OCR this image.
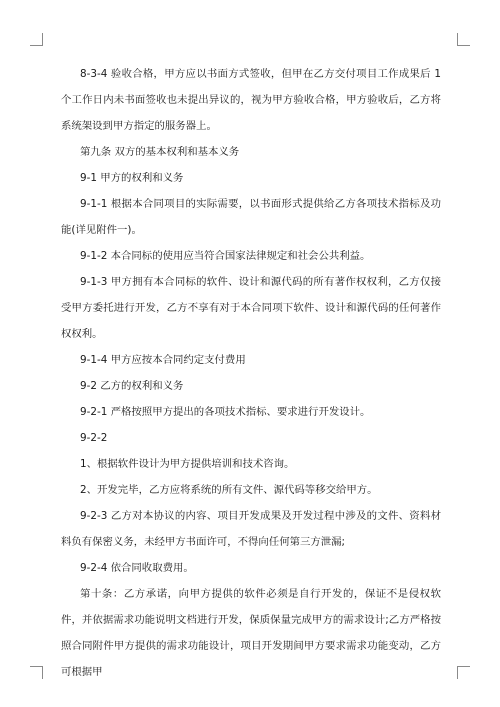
8-3-4 验收合格，甲方应以书面方式签收，但甲在乙方交付项目工作成果后 1 个工作日内未书面签收也未提出异议的，视为甲方验收合格，甲方验收后，乙方将系统架设到甲方指定的服务器上。

第九条 双方的基本权利和基本义务

9-1 甲方的权利和义务

9-1-1 根据本合同项目的实际需要，以书面形式提供给乙方各项技术指标及功能(详见附件一)。

9-1-2 本合同标的使用应当符合国家法律规定和社会公共利益。

9-1-3 甲方拥有本合同标的软件、设计和源代码的所有著作权权利，乙方仅接受甲方委托进行开发，乙方不享有对于本合同项下软件、设计和源代码的任何著作权权利。

9-1-4 甲方应按本合同约定支付费用

9-2 乙方的权利和义务

9-2-1 严格按照甲方提出的各项技术指标、要求进行开发设计。

9-2-2

1、根据软件设计为甲方提供培训和技术咨询。

2、开发完毕，乙方应将系统的所有文件、源代码等移交给甲方。

9-2-3 乙方对本协议的内容、项目开发成果及开发过程中涉及的文件、资料材料负有保密义务，未经甲方书面许可，不得向任何第三方泄漏;

9-2-4 依合同收取费用。

第十条：乙方承诺，向甲方提供的软件必须是自行开发的，保证不是侵权软件，并依据需求功能说明文档进行开发，保质保量完成甲方的需求设计;乙方严格按照合同附件甲方提供的需求功能设计，项目开发期间甲方要求需求功能变动，乙方可根据甲
